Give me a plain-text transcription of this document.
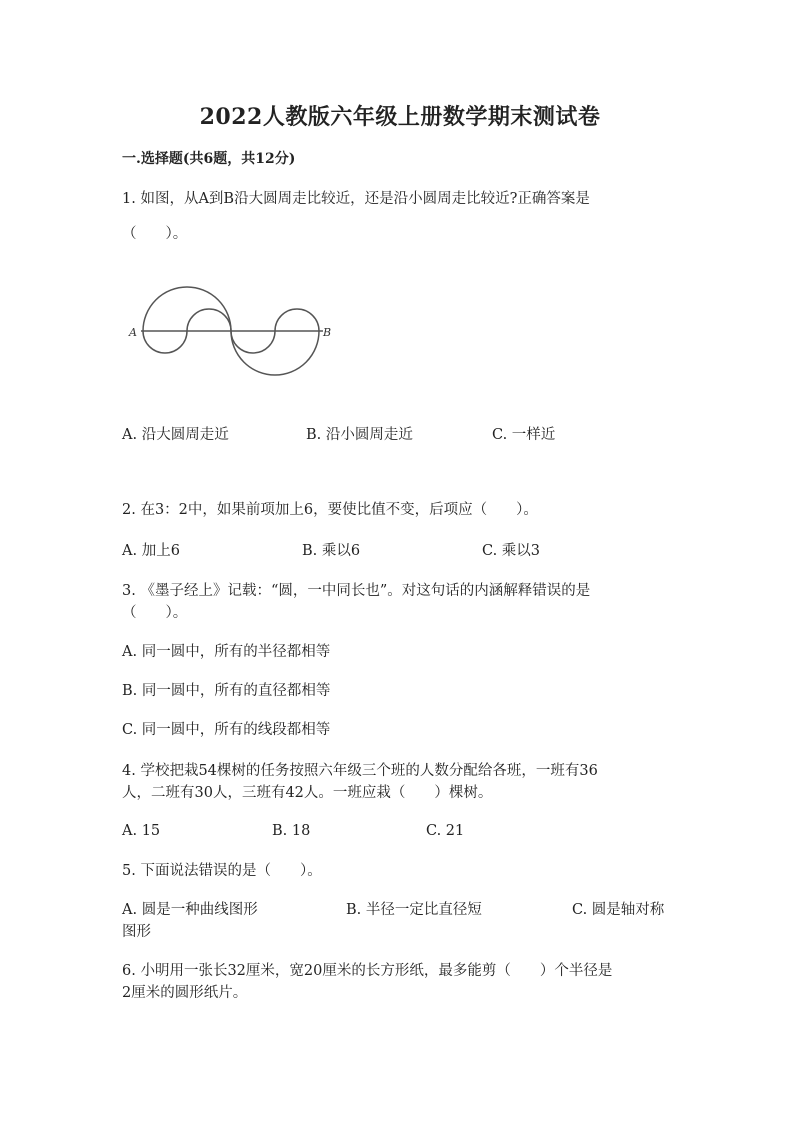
2022人教版六年级上册数学期末测试卷
一.选择题(共6题，共12分)
1. 如图，从A到B沿大圆周走比较近，还是沿小圆周走比较近?正确答案是
（　　）。
A	B
A. 沿大圆周走近	B. 沿小圆周走近	C. 一样近
2. 在3：2中，如果前项加上6，要使比值不变，后项应（　　）。
A. 加上6	B. 乘以6	C. 乘以3
3. 《墨子经上》记载：“圆，一中同长也”。对这句话的内涵解释错误的是
（　　）。
A. 同一圆中，所有的半径都相等
B. 同一圆中，所有的直径都相等
C. 同一圆中，所有的线段都相等
4. 学校把栽54棵树的任务按照六年级三个班的人数分配给各班，一班有36
人，二班有30人，三班有42人。一班应栽（　　）棵树。
A. 15	B. 18	C. 21
5. 下面说法错误的是（　　）。
A. 圆是一种曲线图形	B. 半径一定比直径短	C. 圆是轴对称
图形
6. 小明用一张长32厘米，宽20厘米的长方形纸，最多能剪（　　）个半径是
2厘米的圆形纸片。
